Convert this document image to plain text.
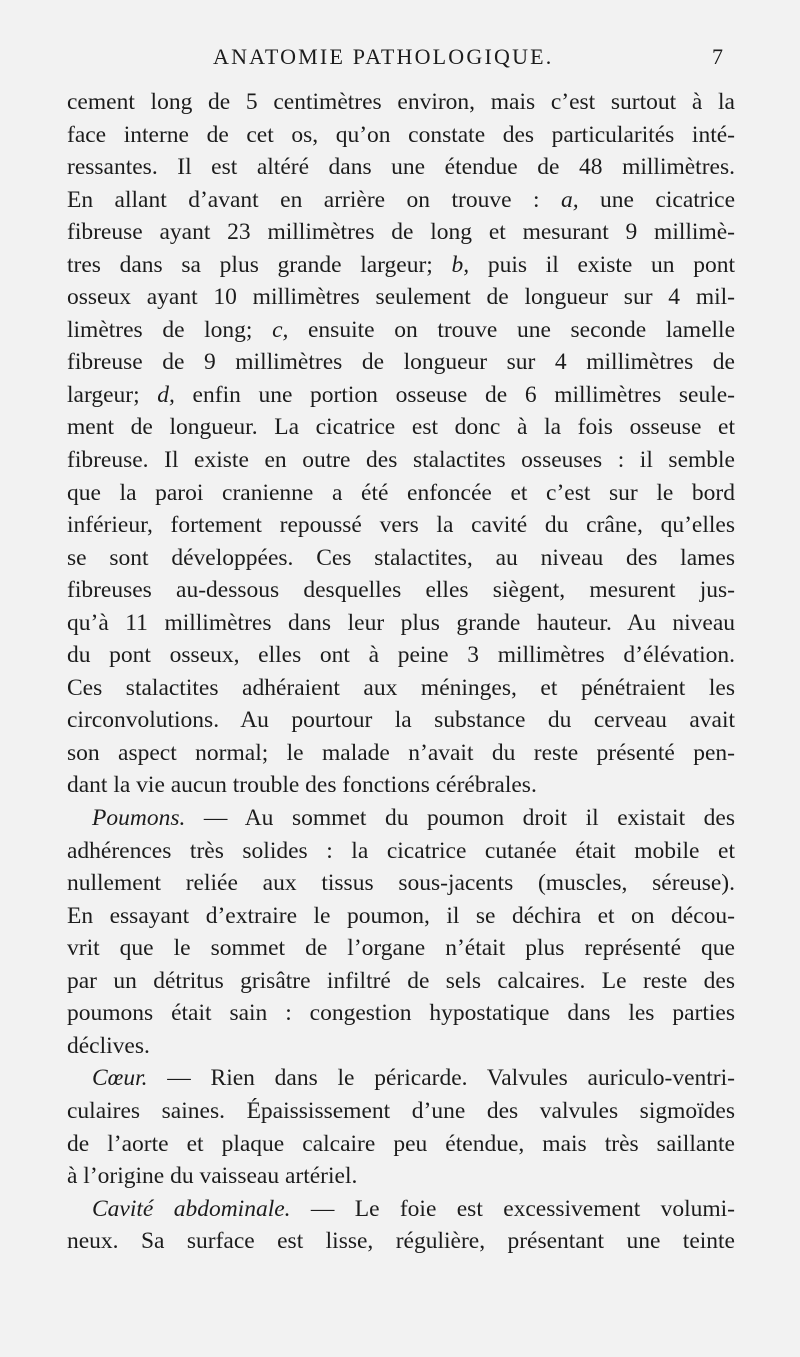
ANATOMIE PATHOLOGIQUE.	7
cement long de 5 centimètres environ, mais c’est surtout à la
face interne de cet os, qu’on constate des particularités inté-
ressantes. Il est altéré dans une étendue de 48 millimètres.
En allant d’avant en arrière on trouve : a, une cicatrice
fibreuse ayant 23 millimètres de long et mesurant 9 millimè-
tres dans sa plus grande largeur; b, puis il existe un pont
osseux ayant 10 millimètres seulement de longueur sur 4 mil-
limètres de long; c, ensuite on trouve une seconde lamelle
fibreuse de 9 millimètres de longueur sur 4 millimètres de
largeur; d, enfin une portion osseuse de 6 millimètres seule-
ment de longueur. La cicatrice est donc à la fois osseuse et
fibreuse. Il existe en outre des stalactites osseuses : il semble
que la paroi cranienne a été enfoncée et c’est sur le bord
inférieur, fortement repoussé vers la cavité du crâne, qu’elles
se sont développées. Ces stalactites, au niveau des lames
fibreuses au-dessous desquelles elles siègent, mesurent jus-
qu’à 11 millimètres dans leur plus grande hauteur. Au niveau
du pont osseux, elles ont à peine 3 millimètres d’élévation.
Ces stalactites adhéraient aux méninges, et pénétraient les
circonvolutions. Au pourtour la substance du cerveau avait
son aspect normal; le malade n’avait du reste présenté pen-
dant la vie aucun trouble des fonctions cérébrales.
Poumons. — Au sommet du poumon droit il existait des
adhérences très solides : la cicatrice cutanée était mobile et
nullement reliée aux tissus sous-jacents (muscles, séreuse).
En essayant d’extraire le poumon, il se déchira et on décou-
vrit que le sommet de l’organe n’était plus représenté que
par un détritus grisâtre infiltré de sels calcaires. Le reste des
poumons était sain : congestion hypostatique dans les parties
déclives.
Cœur. — Rien dans le péricarde. Valvules auriculo-ventri-
culaires saines. Épaississement d’une des valvules sigmoïdes
de l’aorte et plaque calcaire peu étendue, mais très saillante
à l’origine du vaisseau artériel.
Cavité abdominale. — Le foie est excessivement volumi-
neux. Sa surface est lisse, régulière, présentant une teinte
